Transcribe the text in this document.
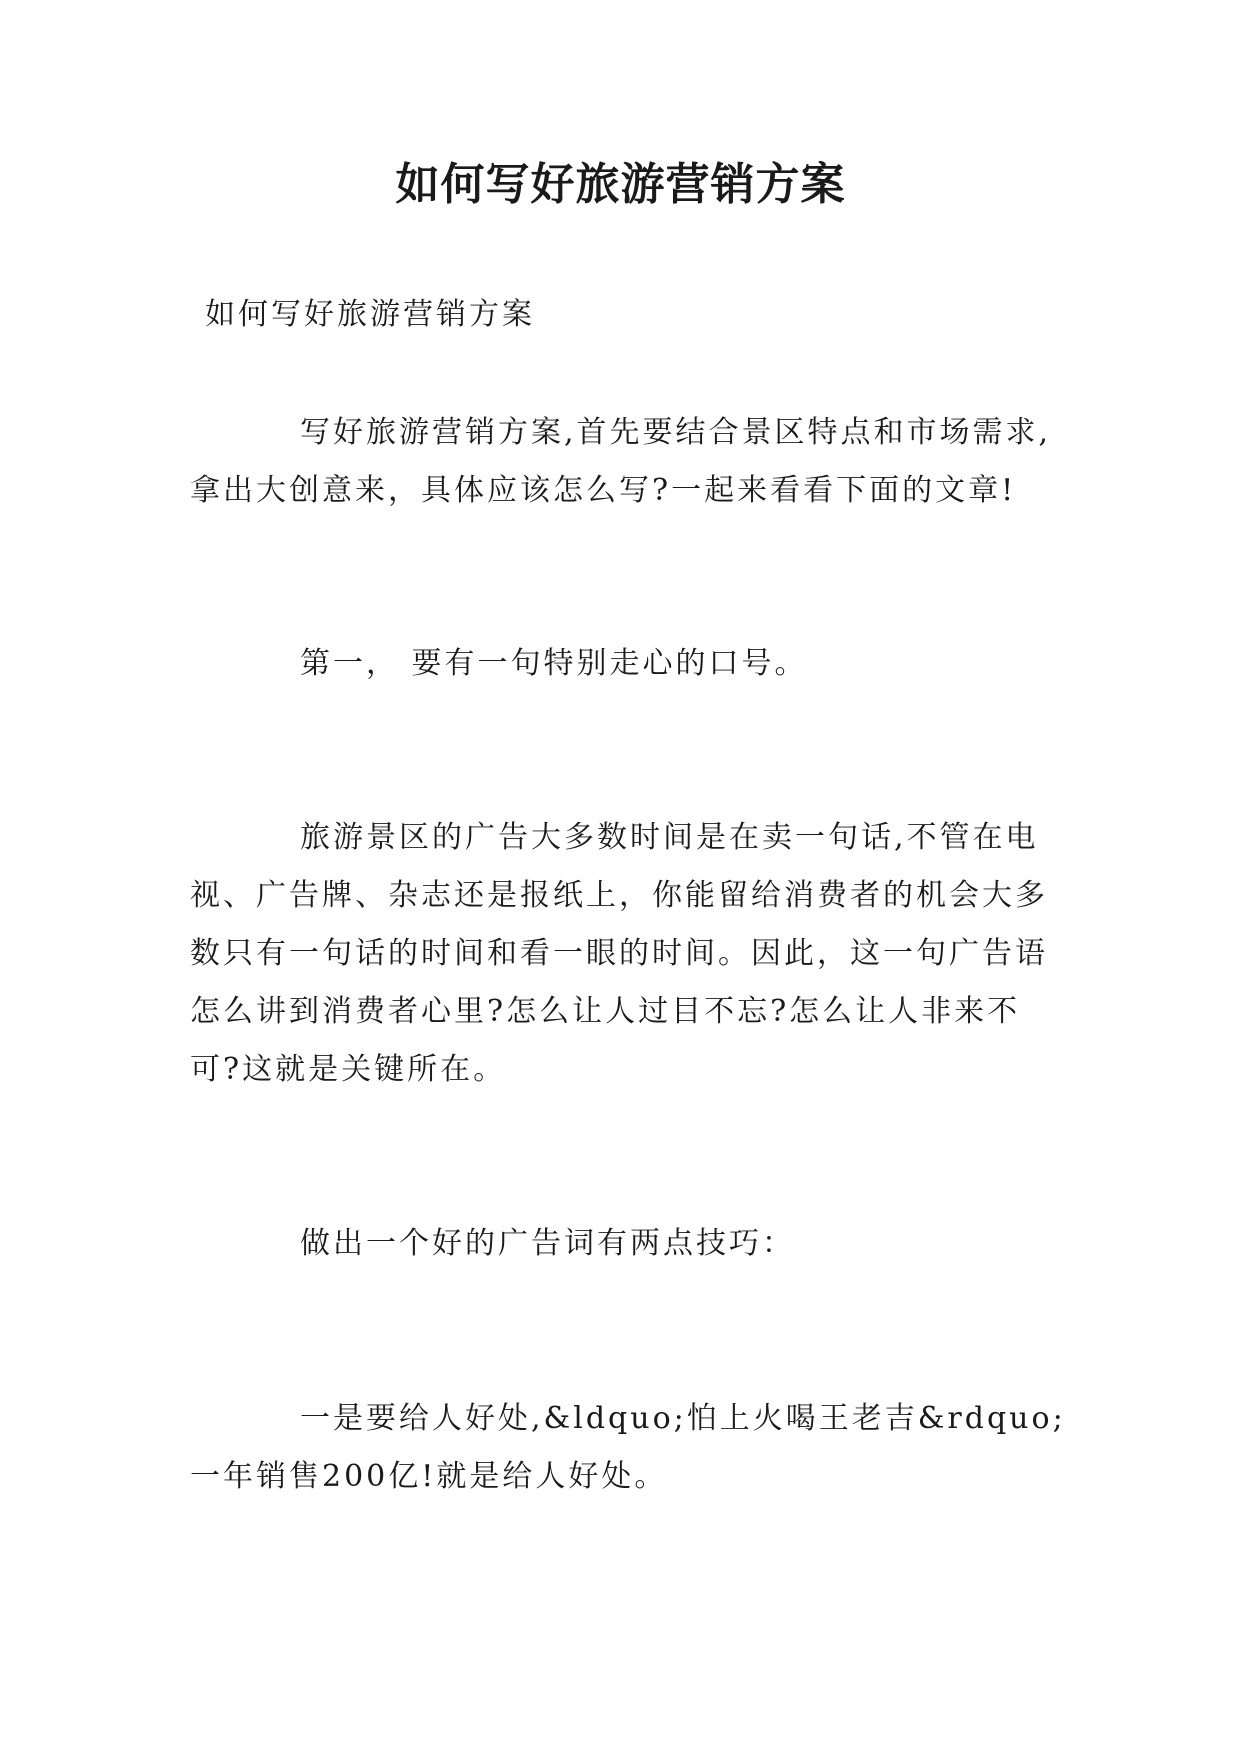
如何写好旅游营销方案
如何写好旅游营销方案

写好旅游营销方案,首先要结合景区特点和市场需求,拿出大创意来，具体应该怎么写?一起来看看下面的文章!

第一， 要有一句特别走心的口号。

旅游景区的广告大多数时间是在卖一句话,不管在电视、广告牌、杂志还是报纸上，你能留给消费者的机会大多数只有一句话的时间和看一眼的时间。因此，这一句广告语怎么讲到消费者心里?怎么让人过目不忘?怎么让人非来不可?这就是关键所在。

做出一个好的广告词有两点技巧：

一是要给人好处,&ldquo;怕上火喝王老吉&rdquo;一年销售200亿!就是给人好处。
